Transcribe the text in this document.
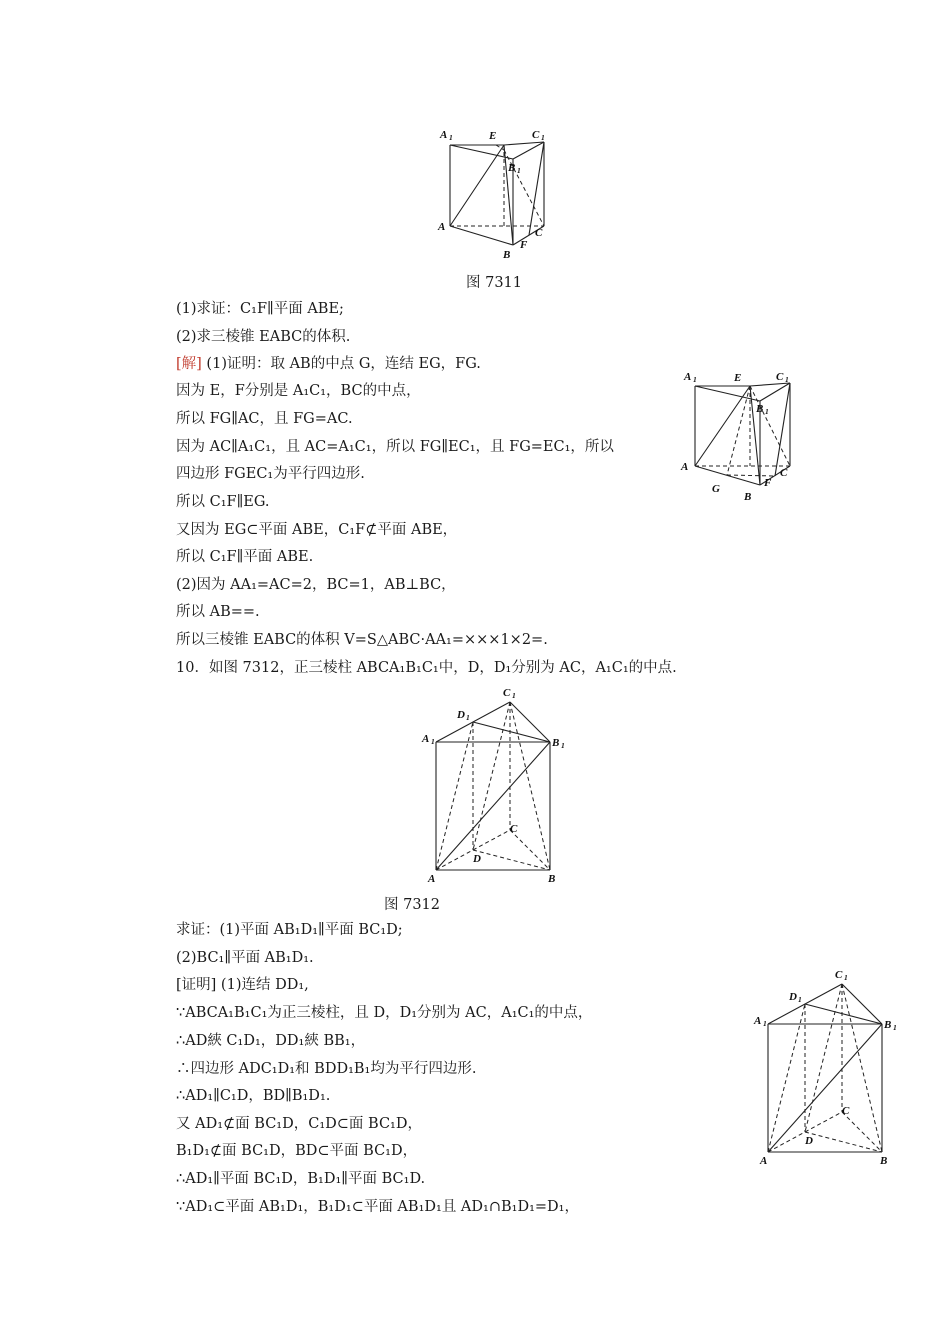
A 1	E	C 1
B 1
A	C
F
B
图 7311
(1)求证：C₁F∥平面 ABE;
(2)求三棱锥 EABC的体积.
[解] (1)证明：取 AB的中点 G，连结 EG，FG.
因为 E，F分别是 A₁C₁，BC的中点，
所以 FG∥AC，且 FG=AC.
因为 AC∥A₁C₁，且 AC=A₁C₁，所以 FG∥EC₁，且 FG=EC₁，所以
四边形 FGEC₁为平行四边形.
所以 C₁F∥EG.
又因为 EG⊂平面 ABE，C₁F⊄平面 ABE，
所以 C₁F∥平面 ABE.
(2)因为 AA₁=AC=2，BC=1，AB⊥BC，
所以 AB==.
所以三棱锥 EABC的体积 V=S△ABC·AA₁=×××1×2=.
A 1	E	C 1
B 1
A
G
B
F
C
10．如图 7312，正三棱柱 ABCA₁B₁C₁中，D，D₁分别为 AC，A₁C₁的中点.
C 1
D 1
A 1	B 1
C
D
A	B
图 7312
求证：(1)平面 AB₁D₁∥平面 BC₁D;
(2)BC₁∥平面 AB₁D₁.
[证明] (1)连结 DD₁,
∵ABCA₁B₁C₁为正三棱柱，且 D，D₁分别为 AC，A₁C₁的中点，
∴AD綊 C₁D₁，DD₁綊 BB₁，
∴四边形 ADC₁D₁和 BDD₁B₁均为平行四边形.
∴AD₁∥C₁D，BD∥B₁D₁.
又 AD₁⊄面 BC₁D，C₁D⊂面 BC₁D，
B₁D₁⊄面 BC₁D，BD⊂平面 BC₁D，
∴AD₁∥平面 BC₁D，B₁D₁∥平面 BC₁D.
∵AD₁⊂平面 AB₁D₁，B₁D₁⊂平面 AB₁D₁且 AD₁∩B₁D₁=D₁，
C 1
D 1
A 1	B 1
C
D
A	B
